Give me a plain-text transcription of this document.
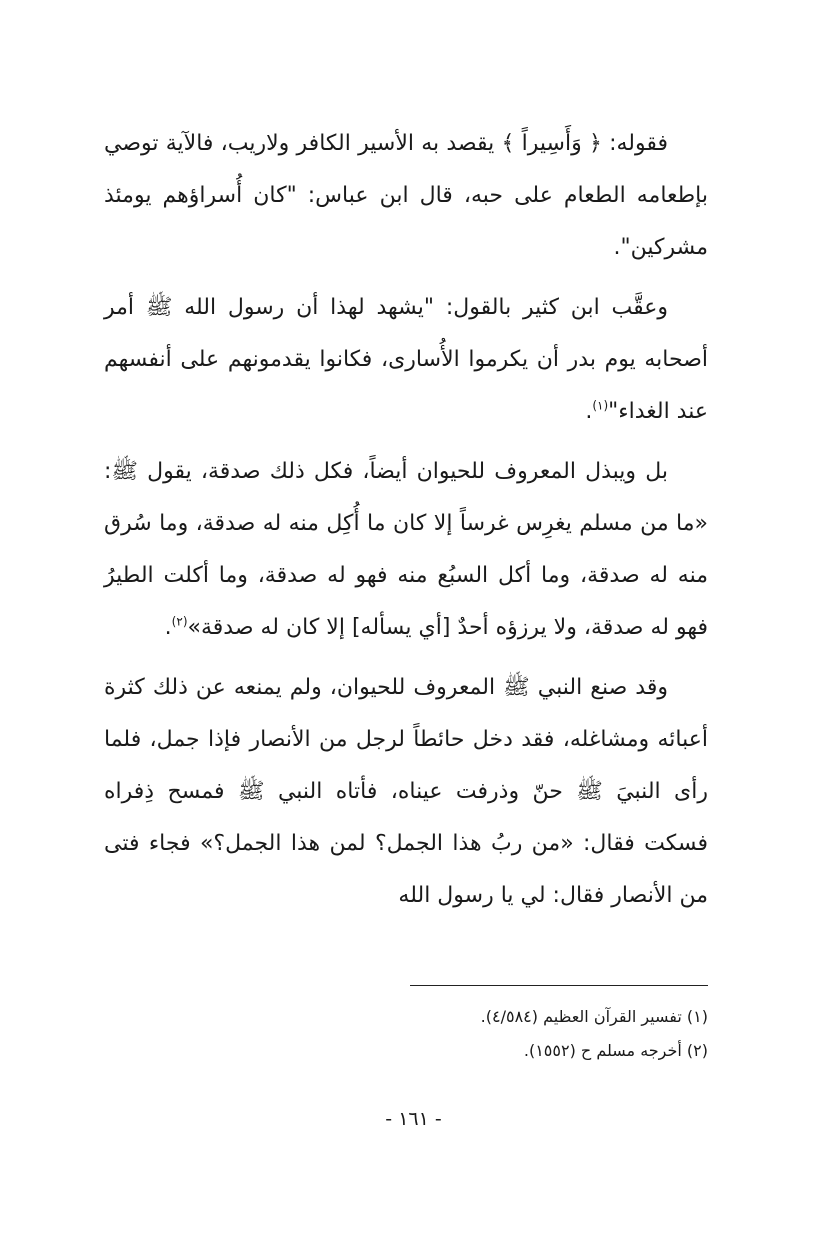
فقوله: ﴿ وَأَسِيراً ﴾ يقصد به الأسير الكافر ولاريب، فالآية توصي بإطعامه الطعام على حبه، قال ابن عباس: "كان أُسراؤهم يومئذ مشركين".

وعقَّب ابن كثير بالقول: "يشهد لهذا أن رسول الله ﷺ أمر أصحابه يوم بدر أن يكرموا الأُسارى، فكانوا يقدمونهم على أنفسهم عند الغداء"$^{(١)}$.

بل ويبذل المعروف للحيوان أيضاً، فكل ذلك صدقة، يقول ﷺ: «ما من مسلم يغرِس غرساً إلا كان ما أُكِل منه له صدقة، وما سُرق منه له صدقة، وما أكل السبُع منه فهو له صدقة، وما أكلت الطيرُ فهو له صدقة، ولا يرزؤه أحدٌ [أي يسأله] إلا كان له صدقة»$^{(٢)}$.

وقد صنع النبي ﷺ المعروف للحيوان، ولم يمنعه عن ذلك كثرة أعبائه ومشاغله، فقد دخل حائطاً لرجل من الأنصار فإذا جمل، فلما رأى النبيَ ﷺ حنّ وذرفت عيناه، فأتاه النبي ﷺ فمسح ذِفراه فسكت فقال: «من ربُ هذا الجمل؟ لمن هذا الجمل؟» فجاء فتى من الأنصار فقال: لي يا رسول الله

(١) تفسير القرآن العظيم (٤/٥٨٤).

(٢) أخرجه مسلم ح (١٥٥٢).

- ١٦١ -
